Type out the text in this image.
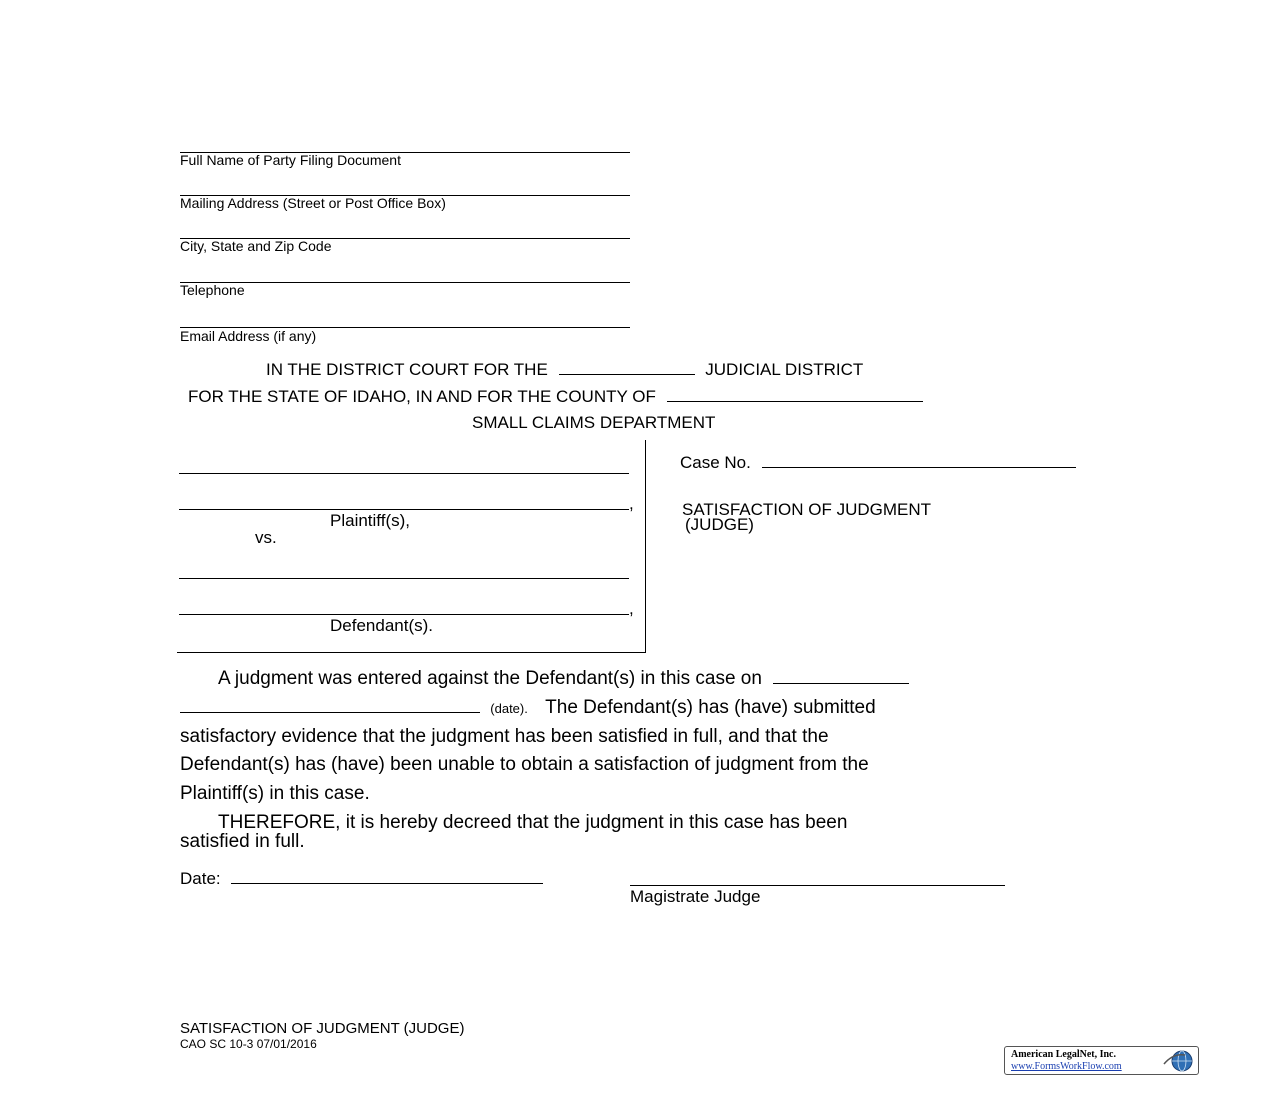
Full Name of Party Filing Document
Mailing Address (Street or Post Office Box)
City, State and Zip Code
Telephone
Email Address (if any)
IN THE DISTRICT COURT FOR THE	JUDICIAL DISTRICT
FOR THE STATE OF IDAHO, IN AND FOR THE COUNTY OF
SMALL CLAIMS DEPARTMENT
,
Plaintiff(s),
vs.
,
Defendant(s).
Case No.
SATISFACTION OF JUDGMENT
(JUDGE)
A judgment was entered against the Defendant(s) in this case on
(date). The Defendant(s) has (have) submitted
satisfactory evidence that the judgment has been satisfied in full, and that the
Defendant(s) has (have) been unable to obtain a satisfaction of judgment from the
Plaintiff(s) in this case.
THEREFORE, it is hereby decreed that the judgment in this case has been
satisfied in full.
Date:
Magistrate Judge
SATISFACTION OF JUDGMENT (JUDGE)
CAO SC 10-3 07/01/2016
American LegalNet, Inc.
www.FormsWorkFlow.com
